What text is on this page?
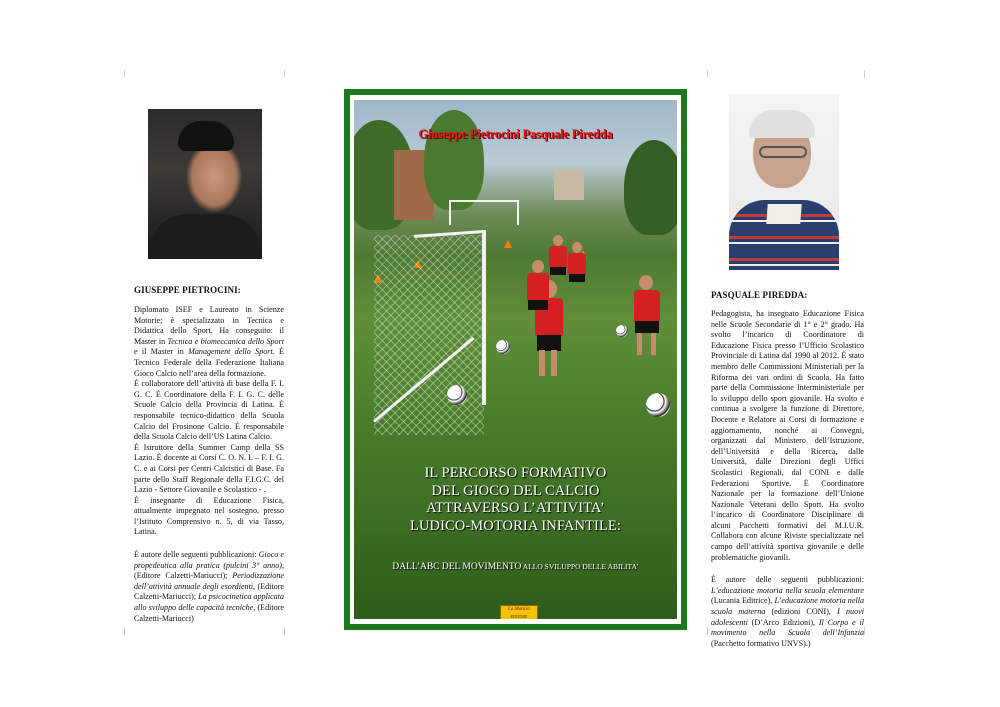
GIUSEPPE PIETROCINI:

Diplomato ISEF e Laureato in Scienze Motorie; è specializzato in Tecnica e Didattica dello Sport. Ha conseguito: il Master in Tecnica e biomeccanica dello Sport e il Master in Management dello Sport. È Tecnico Federale della Federazione Italiana Gioco Calcio nell’area della formazione.

È collaboratore dell’attività di base della F. I. G. C. È Coordinatore della F. I. G. C. delle Scuole Calcio della Provincia di Latina. È responsabile tecnico-didattico della Scuola Calcio del Frosinone Calcio. È responsabile della Scuola Calcio dell’US Latina Calcio.

È Istruttore della Summer Camp della SS Lazio. È docente ai Corsi C. O. N. I. – F. I. G. C. e ai Corsi per Centri Calcistici di Base. Fa parte dello Staff Regionale della F.I.G.C. del Lazio - Settore Giovanile e Scolastico - .

È insegnante di Educazione Fisica, attualmente impegnato nel sostegno, presso l’Istituto Comprensivo n. 5, di via Tasso, Latina.

È autore delle seguenti pubblicazioni: Gioco e propedeutica alla pratica (pulcini 3° anno), (Editore Calzetti-Mariucci); Periodizzazione dell’attività annuale degli esordienti, (Editore Calzetti-Mariucci); La psicocinetica applicata allo sviluppo delle capacità tecniche, (Editore Calzetti-Mariucci)

Giuseppe Pietrocini Pasquale Piredda
IL PERCORSO FORMATIVO
DEL GIOCO DEL CALCIO
ATTRAVERSO L’ATTIVITA’
LUDICO-MOTORIA INFANTILE:
DALL’ABC DEL MOVIMENTO ALLO SVILUPPO DELLE ABILITA’
La Mancia
EDITORE
PASQUALE PIREDDA:

Pedagogista, ha insegnato Educazione Fisica nelle Scuole Secondarie di 1° e 2° grado. Ha svolto l’incarico di Coordinatore di Educazione Fisica presso l’Ufficio Scolastico Provinciale di Latina dal 1990 al 2012. È stato membro delle Commissioni Ministeriali per la Riforma dei vari ordini di Scuola. Ha fatto parte della Commissione Interministeriale per lo sviluppo dello sport giovanile. Ha svolto e continua a svolgere la funzione di Direttore, Docente e Relatore ai Corsi di formazione e aggiornamento, nonché ai Convegni, organizzati dal Ministero dell’Istruzione, dell’Università e della Ricerca, dalle Università, dalle Direzioni degli Uffici Scolastici Regionali, dal CONI e dalle Federazioni Sportive. È Coordinatore Nazionale per la formazione dell’Unione Nazionale Veterani dello Sport. Ha svolto l’incarico di Coordinatore Disciplinare di alcuni Pacchetti formativi del M.I.U.R. Collabora con alcune Riviste specializzate nel campo dell’attività sportiva giovanile e delle problematiche giovanili.

È autore delle seguenti pubblicazioni: L’educazione motoria nella scuola elementare (Lucania Editrice), L’educazione motoria nella scuola materna (edizioni CONI), I nuovi adolescenti (D’Arco Edizioni), Il Corpo e il movimento nella Scuola dell’Infanzia (Pacchetto formativo UNVS).)
